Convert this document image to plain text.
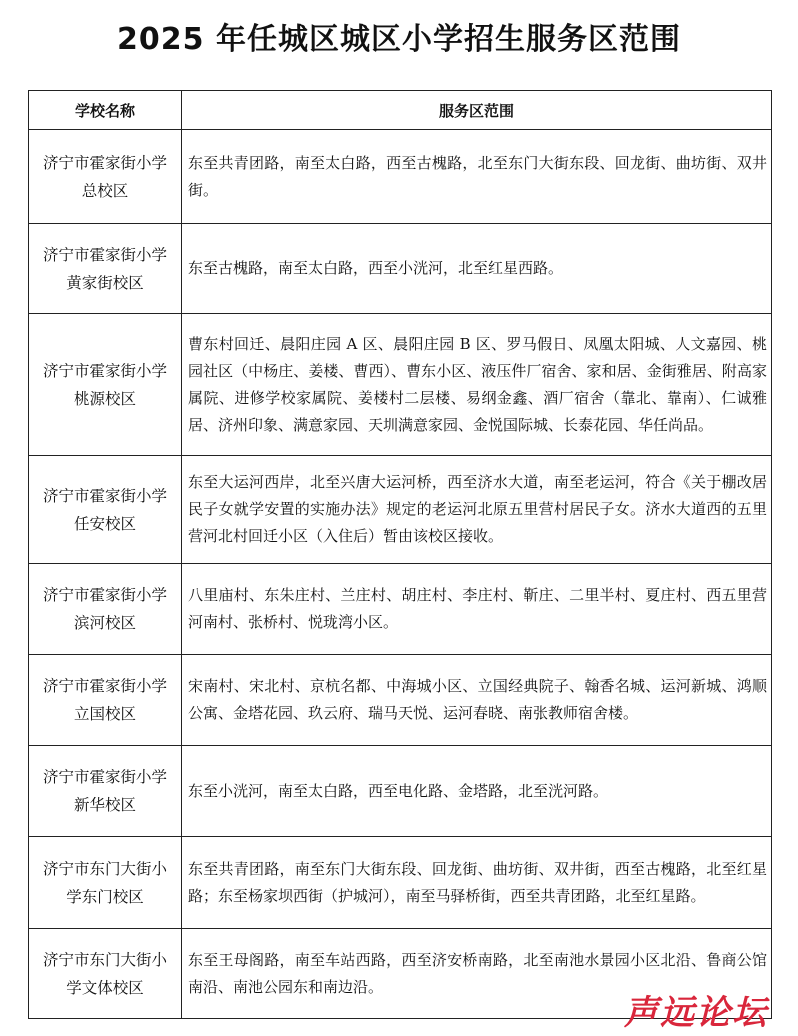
2025 年任城区城区小学招生服务区范围
学校名称	服务区范围
济宁市霍家街小学总校区	东至共青团路，南至太白路，西至古槐路，北至东门大街东段、回龙街、曲坊街、双井街。
济宁市霍家街小学黄家街校区	东至古槐路，南至太白路，西至小洸河，北至红星西路。
济宁市霍家街小学桃源校区	曹东村回迁、晨阳庄园 A 区、晨阳庄园 B 区、罗马假日、凤凰太阳城、人文嘉园、桃园社区（中杨庄、姜楼、曹西）、曹东小区、液压件厂宿舍、家和居、金街雅居、附高家属院、进修学校家属院、姜楼村二层楼、易纲金鑫、酒厂宿舍（靠北、靠南）、仁诚雅居、济州印象、满意家园、天圳满意家园、金悦国际城、长泰花园、华任尚品。
济宁市霍家街小学任安校区	东至大运河西岸，北至兴唐大运河桥，西至济水大道，南至老运河，符合《关于棚改居民子女就学安置的实施办法》规定的老运河北原五里营村居民子女。济水大道西的五里营河北村回迁小区（入住后）暂由该校区接收。
济宁市霍家街小学滨河校区	八里庙村、东朱庄村、兰庄村、胡庄村、李庄村、靳庄、二里半村、夏庄村、西五里营河南村、张桥村、悦珑湾小区。
济宁市霍家街小学立国校区	宋南村、宋北村、京杭名都、中海城小区、立国经典院子、翰香名城、运河新城、鸿顺公寓、金塔花园、玖云府、瑞马天悦、运河春晓、南张教师宿舍楼。
济宁市霍家街小学新华校区	东至小洸河，南至太白路，西至电化路、金塔路，北至洸河路。
济宁市东门大街小学东门校区	东至共青团路，南至东门大街东段、回龙街、曲坊街、双井街，西至古槐路，北至红星路；东至杨家坝西街（护城河），南至马驿桥街，西至共青团路，北至红星路。
济宁市东门大街小学文体校区	东至王母阁路，南至车站西路，西至济安桥南路，北至南池水景园小区北沿、鲁商公馆南沿、南池公园东和南边沿。
声远论坛
